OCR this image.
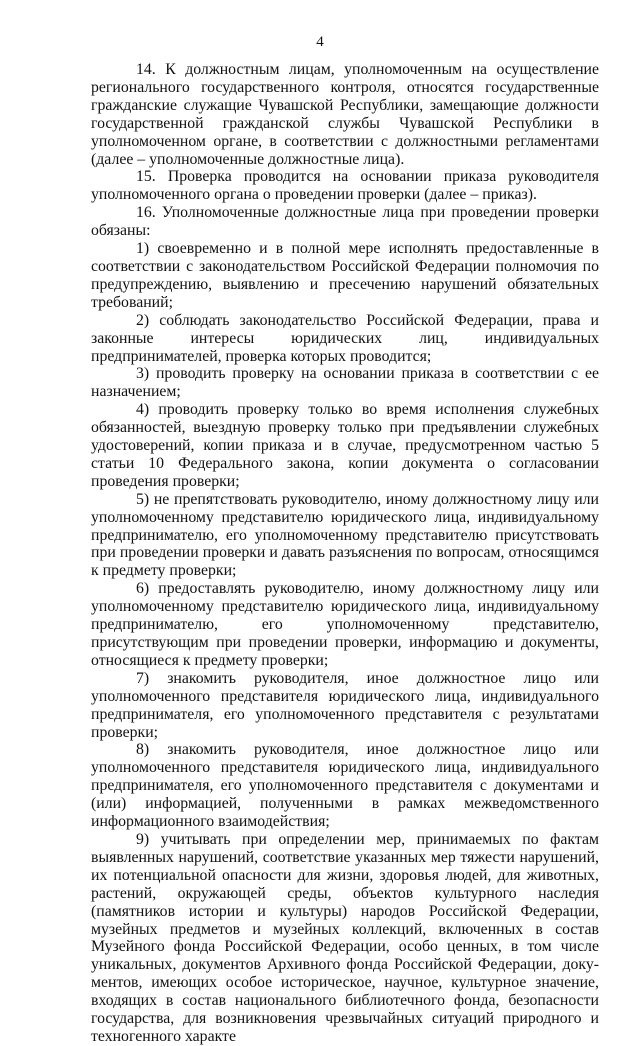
4

14. К должностным лицам, уполномоченным на осуществление регионального государственного контроля, относятся государственные гражданские служащие Чувашской Республики, замещающие должности государственной гражданской службы Чувашской Республики в уполномоченном органе, в соответствии с должностными регламентами (далее – уполномоченные должностные лица).

15. Проверка проводится на основании приказа руководителя уполномоченного органа о проведении проверки (далее – приказ).

16. Уполномоченные должностные лица при проведении проверки обязаны:

1) своевременно и в полной мере исполнять предоставленные в соответствии с законодательством Российской Федерации полномочия по предупреждению, выявлению и пресечению нарушений обязательных требований;

2) соблюдать законодательство Российской Федерации, права и законные интересы юридических лиц, индивидуальных предпринимателей, проверка которых проводится;

3) проводить проверку на основании приказа в соответствии с ее назначением;

4) проводить проверку только во время исполнения служебных обязанностей, выездную проверку только при предъявлении служебных удостоверений, копии приказа и в случае, предусмотренном частью 5 статьи 10 Федерального закона, копии документа о согласовании проведения проверки;

5) не препятствовать руководителю, иному должностному лицу или уполномоченному представителю юридического лица, индивидуальному предпринимателю, его уполномоченному представителю присутствовать при проведении проверки и давать разъяснения по вопросам, относящимся к предмету проверки;

6) предоставлять руководителю, иному должностному лицу или уполномоченному представителю юридического лица, индивидуальному предпринимателю, его уполномоченному представителю, присутствующим при проведении проверки, информацию и документы, относящиеся к предмету проверки;

7) знакомить руководителя, иное должностное лицо или уполномоченного представителя юридического лица, индивидуального предпринимателя, его уполномоченного представителя с результатами проверки;

8) знакомить руководителя, иное должностное лицо или уполномоченного представителя юридического лица, индивидуального предпринимателя, его уполномоченного представителя с документами и (или) информацией, полученными в рамках межведомственного информационного взаимодействия;

9) учитывать при определении мер, принимаемых по фактам выявленных нарушений, соответствие указанных мер тяжести нарушений, их потенциальной опасности для жизни, здоровья людей, для животных, растений, окружающей среды, объектов культурного наследия (памятников истории и культуры) народов Российской Федерации, музейных предметов и музейных коллекций, включенных в состав Музейного фонда Российской Федерации, особо ценных, в том числе уникальных, документов Архивного фонда Российской Федерации, документов, имеющих особое историческое, научное, культурное значение, входящих в состав национального библиотечного фонда, безопасности государства, для возникновения чрезвычайных ситуаций природного и техногенного характе
